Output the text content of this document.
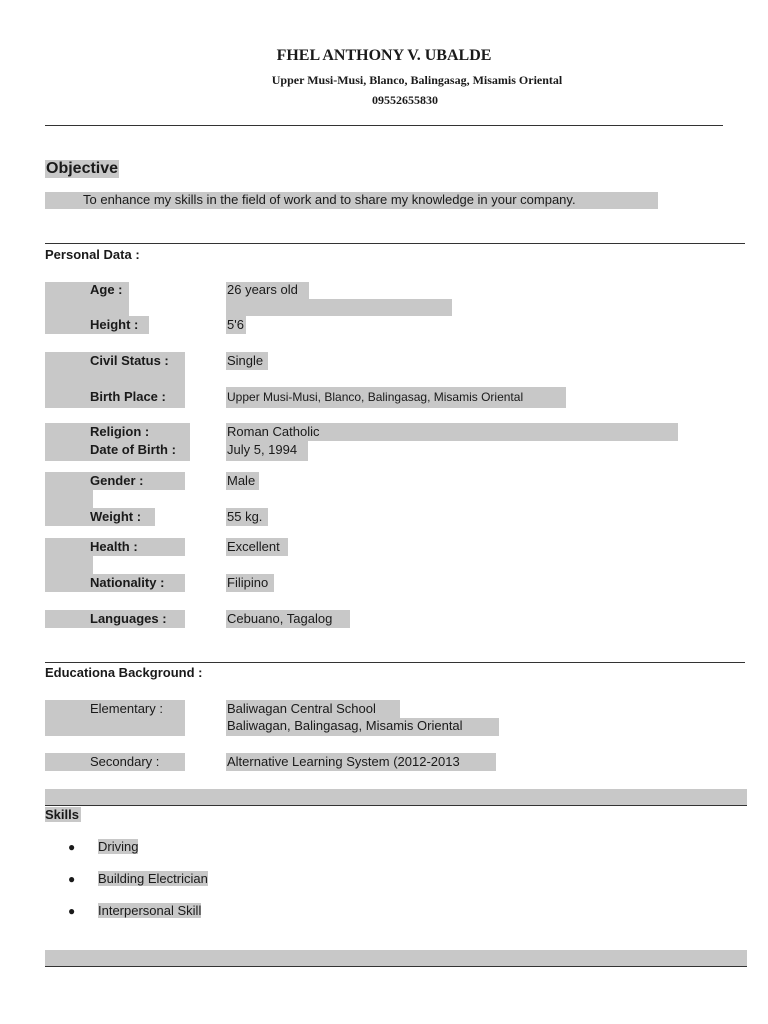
FHEL ANTHONY V. UBALDE
Upper Musi-Musi, Blanco, Balingasag, Misamis Oriental
09552655830
Objective
To enhance my skills in the field of work and to share my knowledge in your company.
Personal Data :
Age :	26 years old
Height :	5'6
Civil Status :	Single
Birth Place :	Upper Musi-Musi, Blanco, Balingasag, Misamis Oriental
Religion :	Roman Catholic
Date of Birth :	July 5, 1994
Gender :	Male
Weight :	55 kg.
Health :	Excellent
Nationality :	Filipino
Languages :	Cebuano, Tagalog
Educationa Background :
Elementary :	Baliwagan Central School
Baliwagan, Balingasag, Misamis Oriental
Secondary :	Alternative Learning System (2012-2013
Skills
● Driving
● Building Electrician
● Interpersonal Skill
